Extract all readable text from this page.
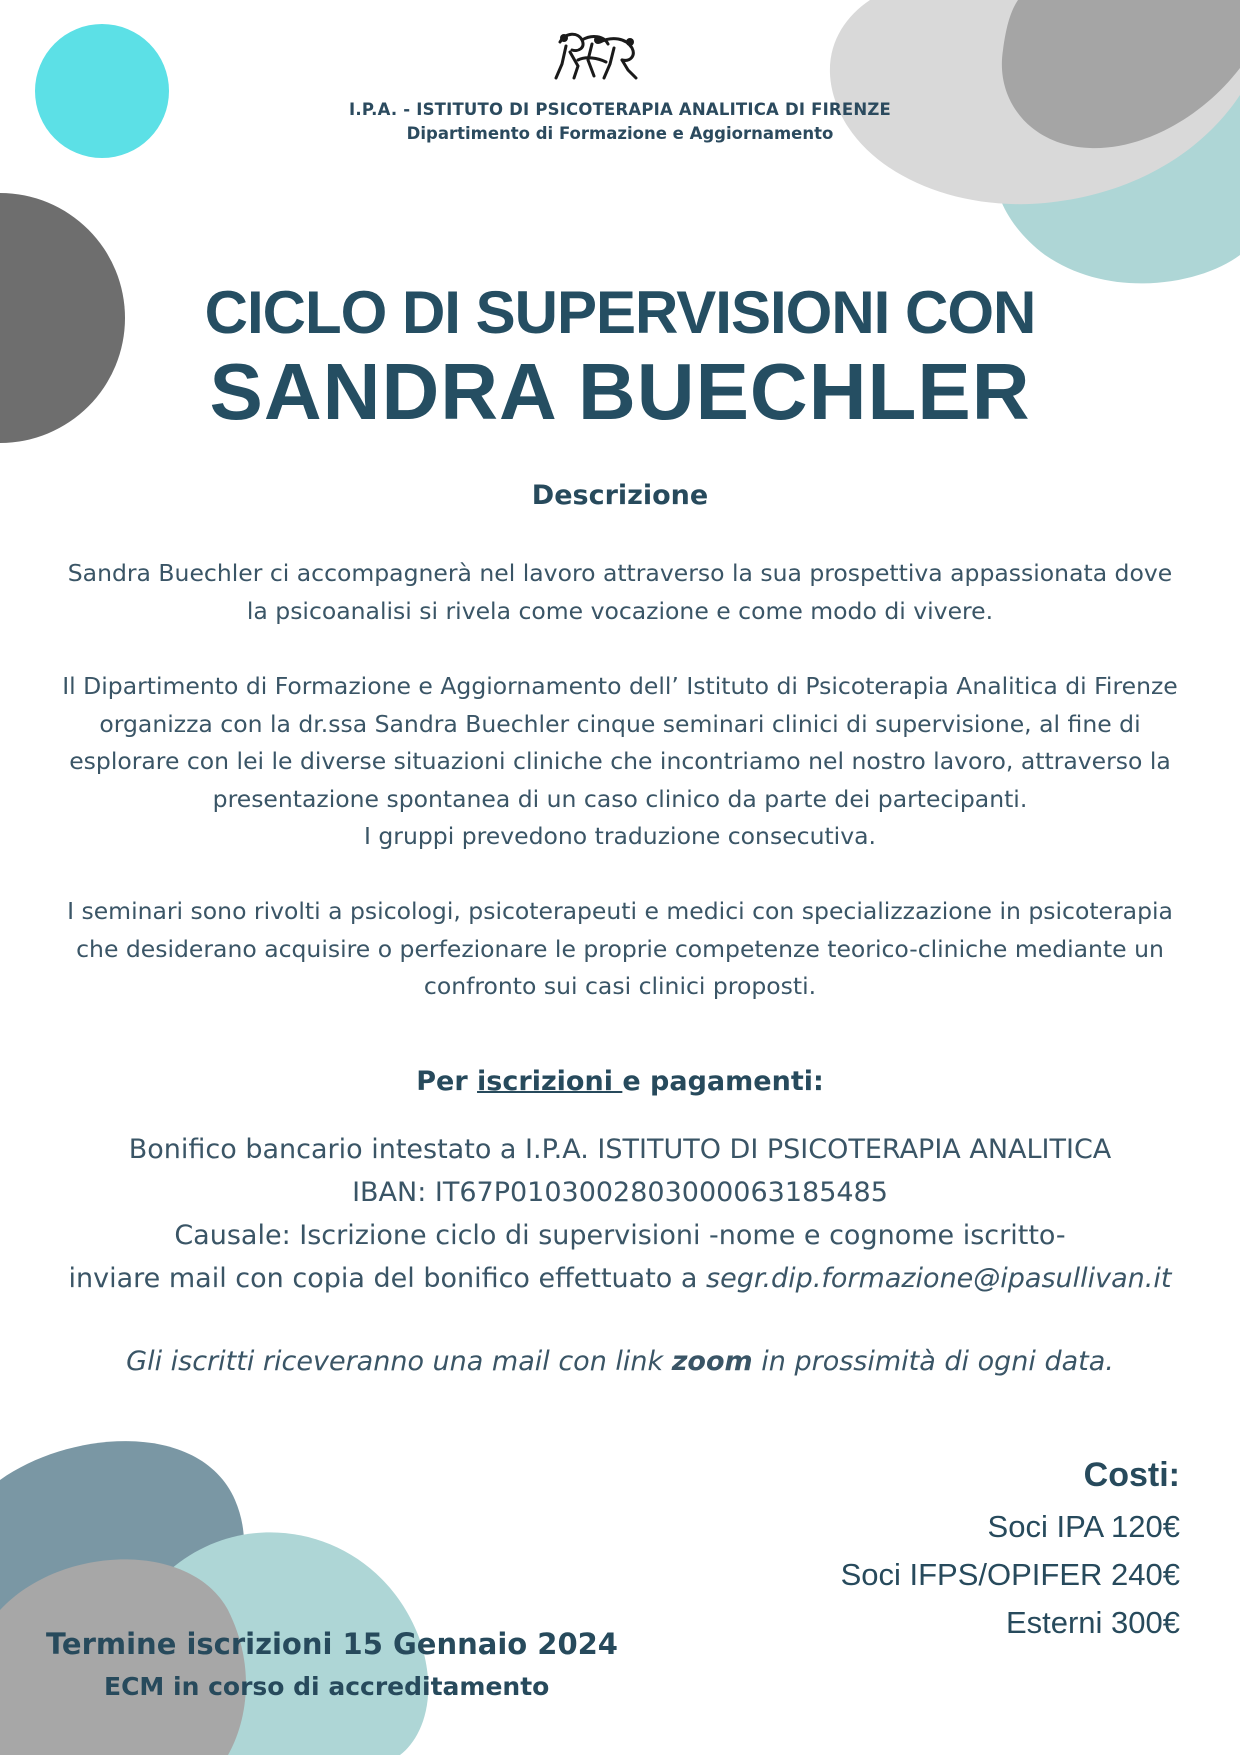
I.P.A. - ISTITUTO DI PSICOTERAPIA ANALITICA DI FIRENZE
Dipartimento di Formazione e Aggiornamento
CICLO DI SUPERVISIONI CON
SANDRA BUECHLER
Descrizione
Sandra Buechler ci accompagnerà nel lavoro attraverso la sua prospettiva appassionata dove
la psicoanalisi si rivela come vocazione e come modo di vivere.
Il Dipartimento di Formazione e Aggiornamento dell’ Istituto di Psicoterapia Analitica di Firenze
organizza con la dr.ssa Sandra Buechler cinque seminari clinici di supervisione, al fine di
esplorare con lei le diverse situazioni cliniche che incontriamo nel nostro lavoro, attraverso la
presentazione spontanea di un caso clinico da parte dei partecipanti.
I gruppi prevedono traduzione consecutiva.
I seminari sono rivolti a psicologi, psicoterapeuti e medici con specializzazione in psicoterapia
che desiderano acquisire o perfezionare le proprie competenze teorico-cliniche mediante un
confronto sui casi clinici proposti.
Per iscrizioni e pagamenti:
Bonifico bancario intestato a I.P.A. ISTITUTO DI PSICOTERAPIA ANALITICA
IBAN: IT67P0103002803000063185485
Causale: Iscrizione ciclo di supervisioni -nome e cognome iscritto-
inviare mail con copia del bonifico effettuato a segr.dip.formazione@ipasullivan.it
Gli iscritti riceveranno una mail con link zoom in prossimità di ogni data.
Costi:
Soci IPA 120€
Soci IFPS/OPIFER 240€
Esterni 300€
Termine iscrizioni 15 Gennaio 2024
ECM in corso di accreditamento
